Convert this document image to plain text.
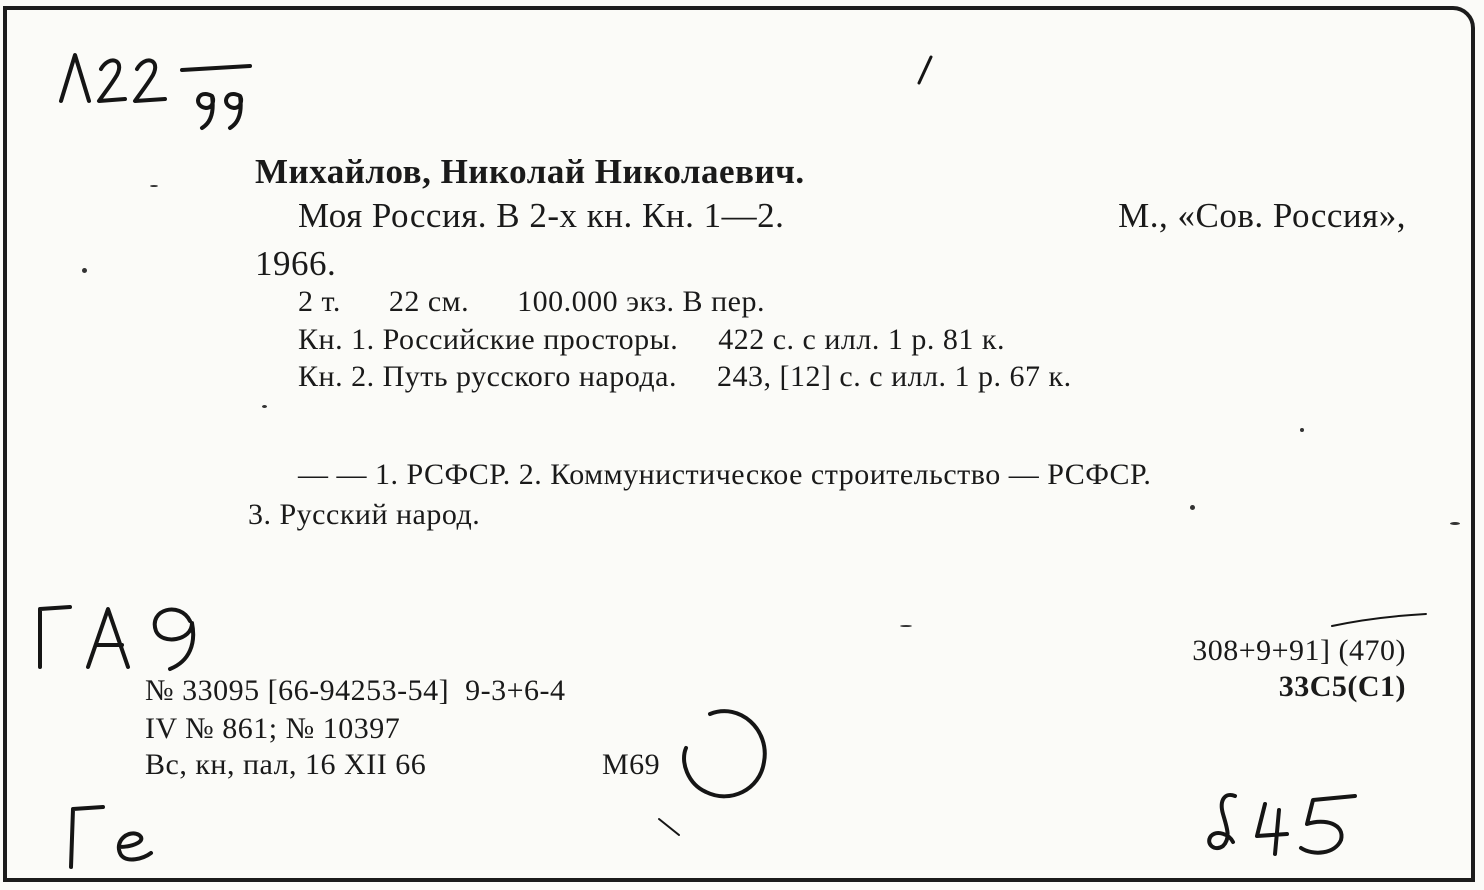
Михайлов, Николай Николаевич.
Моя Россия. В 2-х кн. Кн. 1—2.	М., «Сов. Россия»,
1966.
2 т.      22 см.      100.000 экз. В пер.
Кн. 1. Российские просторы.     422 с. с илл. 1 р. 81 к.
Кн. 2. Путь русского народа.     243, [12] с. с илл. 1 р. 67 к.
— — 1. РСФСР. 2. Коммунистическое строительство — РСФСР.
3. Русский народ.
№ 33095 [66-94253-54]  9-3+6-4
IV № 861; № 10397
Вс, кн, пал, 16 XII 66	М69
308+9+91] (470)
33С5(С1)
